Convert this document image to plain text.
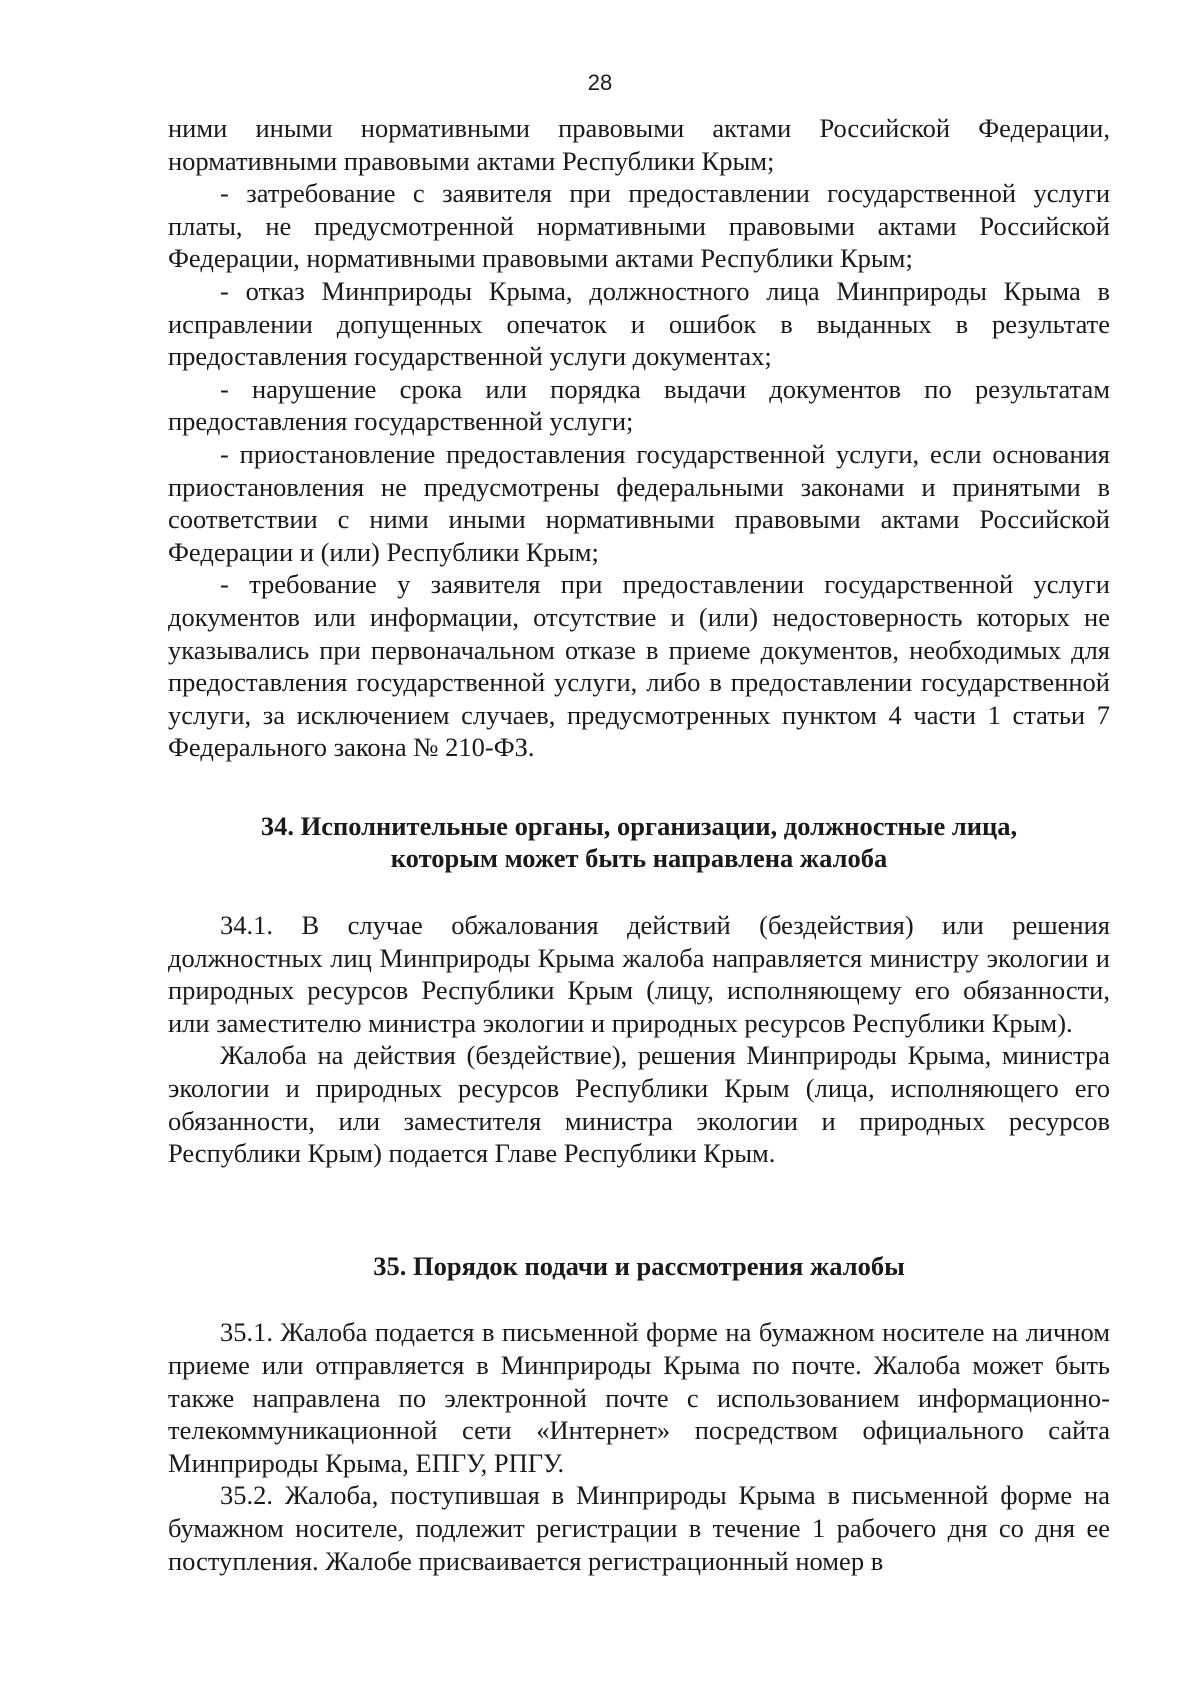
28

ними иными нормативными правовыми актами Российской Федерации, нормативными правовыми актами Республики Крым;

- затребование с заявителя при предоставлении государственной услуги платы, не предусмотренной нормативными правовыми актами Российской Федерации, нормативными правовыми актами Республики Крым;

- отказ Минприроды Крыма, должностного лица Минприроды Крыма в исправлении допущенных опечаток и ошибок в выданных в результате предоставления государственной услуги документах;

- нарушение срока или порядка выдачи документов по результатам предоставления государственной услуги;

- приостановление предоставления государственной услуги, если основания приостановления не предусмотрены федеральными законами и принятыми в соответствии с ними иными нормативными правовыми актами Российской Федерации и (или) Республики Крым;

- требование у заявителя при предоставлении государственной услуги документов или информации, отсутствие и (или) недостоверность которых не указывались при первоначальном отказе в приеме документов, необходимых для предоставления государственной услуги, либо в предоставлении государственной услуги, за исключением случаев, предусмотренных пунктом 4 части 1 статьи 7 Федерального закона № 210-ФЗ.

34. Исполнительные органы, организации, должностные лица,
которым может быть направлена жалоба

34.1. В случае обжалования действий (бездействия) или решения должностных лиц Минприроды Крыма жалоба направляется министру экологии и природных ресурсов Республики Крым (лицу, исполняющему его обязанности, или заместителю министра экологии и природных ресурсов Республики Крым).

Жалоба на действия (бездействие), решения Минприроды Крыма, министра экологии и природных ресурсов Республики Крым (лица, исполняющего его обязанности, или заместителя министра экологии и природных ресурсов Республики Крым) подается Главе Республики Крым.

35. Порядок подачи и рассмотрения жалобы

35.1. Жалоба подается в письменной форме на бумажном носителе на личном приеме или отправляется в Минприроды Крыма по почте. Жалоба может быть также направлена по электронной почте с использованием информационно-телекоммуникационной сети «Интернет» посредством официального сайта Минприроды Крыма, ЕПГУ, РПГУ.

35.2. Жалоба, поступившая в Минприроды Крыма в письменной форме на бумажном носителе, подлежит регистрации в течение 1 рабочего дня со дня ее поступления. Жалобе присваивается регистрационный номер в
